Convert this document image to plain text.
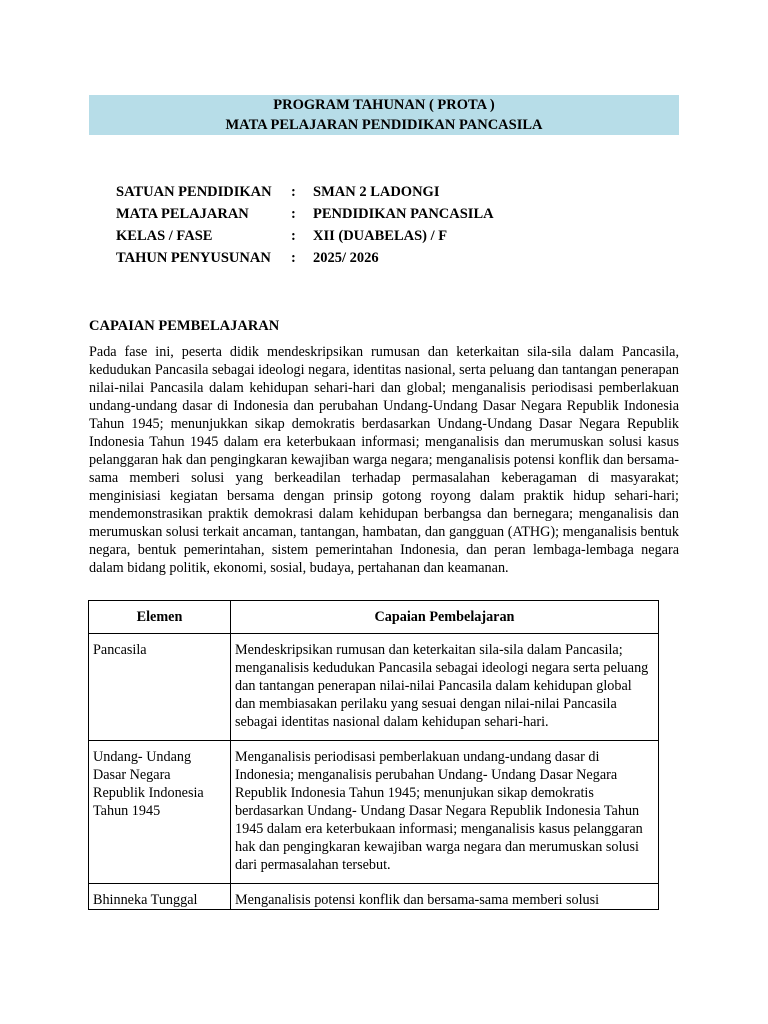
PROGRAM TAHUNAN ( PROTA )
MATA PELAJARAN PENDIDIKAN PANCASILA
SATUAN PENDIDIKAN	:	SMAN 2 LADONGI
MATA PELAJARAN	:	PENDIDIKAN PANCASILA
KELAS / FASE	:	XII (DUABELAS) / F
TAHUN PENYUSUNAN	:	2025/ 2026
CAPAIAN PEMBELAJARAN

Pada fase ini, peserta didik mendeskripsikan rumusan dan keterkaitan sila-sila dalam Pancasila, kedudukan Pancasila sebagai ideologi negara, identitas nasional, serta peluang dan tantangan penerapan nilai-nilai Pancasila dalam kehidupan sehari-hari dan global; menganalisis periodisasi pemberlakuan undang-undang dasar di Indonesia dan perubahan Undang-Undang Dasar Negara Republik Indonesia Tahun 1945; menunjukkan sikap demokratis berdasarkan Undang-Undang Dasar Negara Republik Indonesia Tahun 1945 dalam era keterbukaan informasi; menganalisis dan merumuskan solusi kasus pelanggaran hak dan pengingkaran kewajiban warga negara; menganalisis potensi konflik dan bersama-sama memberi solusi yang berkeadilan terhadap permasalahan keberagaman di masyarakat; menginisiasi kegiatan bersama dengan prinsip gotong royong dalam praktik hidup sehari-hari; mendemonstrasikan praktik demokrasi dalam kehidupan berbangsa dan bernegara; menganalisis dan merumuskan solusi terkait ancaman, tantangan, hambatan, dan gangguan (ATHG); menganalisis bentuk negara, bentuk pemerintahan, sistem pemerintahan Indonesia, dan peran lembaga-lembaga negara dalam bidang politik, ekonomi, sosial, budaya, pertahanan dan keamanan.

Elemen	Capaian Pembelajaran
Pancasila	Mendeskripsikan rumusan dan keterkaitan sila-sila dalam Pancasila; menganalisis kedudukan Pancasila sebagai ideologi negara serta peluang dan tantangan penerapan nilai-nilai Pancasila dalam kehidupan global dan membiasakan perilaku yang sesuai dengan nilai-nilai Pancasila sebagai identitas nasional dalam kehidupan sehari-hari.
Undang- Undang Dasar Negara Republik Indonesia Tahun 1945	Menganalisis periodisasi pemberlakuan undang-undang dasar di Indonesia; menganalisis perubahan Undang- Undang Dasar Negara Republik Indonesia Tahun 1945; menunjukan sikap demokratis berdasarkan Undang- Undang Dasar Negara Republik Indonesia Tahun 1945 dalam era keterbukaan informasi; menganalisis kasus pelanggaran hak dan pengingkaran kewajiban warga negara dan merumuskan solusi dari permasalahan tersebut.
Bhinneka Tunggal	Menganalisis potensi konflik dan bersama-sama memberi solusi
